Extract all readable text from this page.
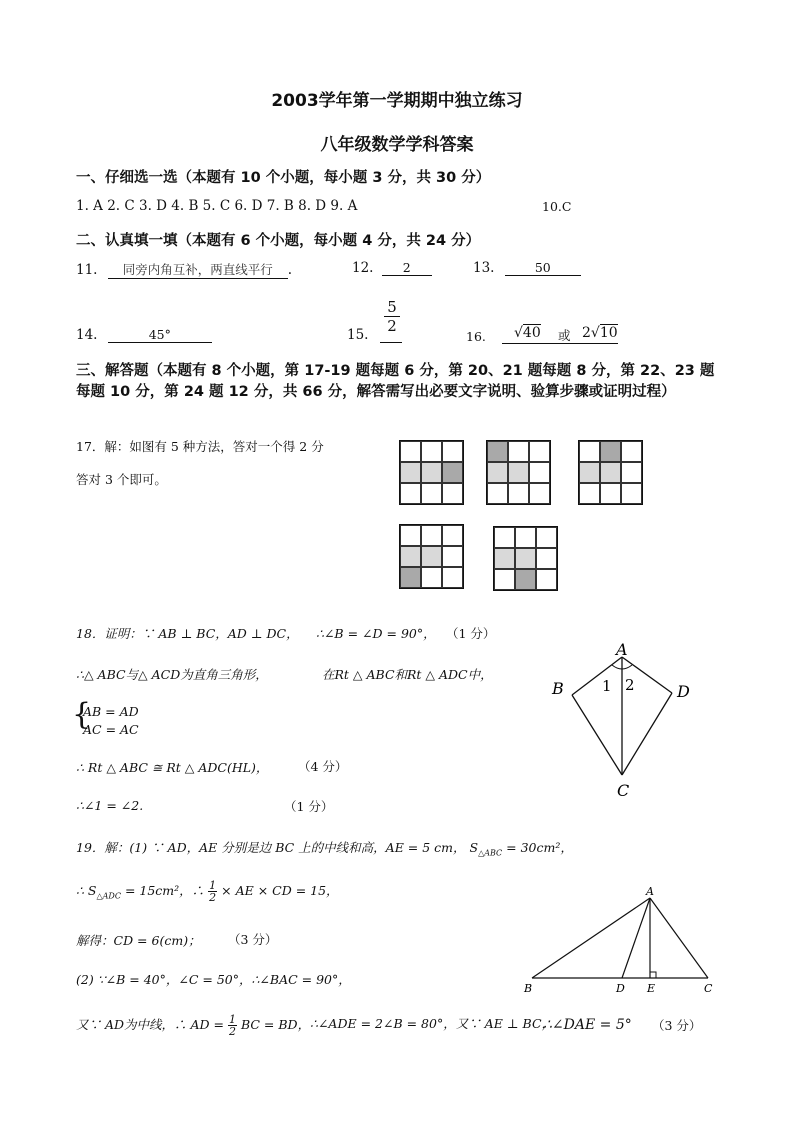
2003学年第一学期期中独立练习
八年级数学学科答案
一、仔细选一选（本题有 10 个小题，每小题 3 分，共 30 分）
1. A 2. C 3. D 4. B 5. C 6. D 7. B 8. D 9. A	10.C
二、认真填一填（本题有 6 个小题，每小题 4 分，共 24 分）
11. 同旁内角互补，两直线平行 .	12. 2	13.	50
14.	45°	15. $\frac{5}{2}$
16. √40 或 2√10
三、解答题（本题有 8 个小题，第 17-19 题每题 6 分，第 20、21 题每题 8 分，第 22、23 题
每题 10 分，第 24 题 12 分，共 66 分，解答需写出必要文字说明、验算步骤或证明过程）
17．解：如图有 5 种方法，答对一个得 2 分
答对 3 个即可。
18．证明：∵ AB ⊥ BC，AD ⊥ DC， ∴∠B = ∠D = 90°， （1 分）
∴△ ABC与△ ACD为直角三角形，	在Rt △ ABC和Rt △ ADC中，
{
AB = AD
AC = AC
∴ Rt △ ABC ≅ Rt △ ADC(HL)， （4 分）
∴∠1 = ∠2.	（1 分）
A
B	D
C
1 2
19．解：(1) ∵ AD，AE 分别是边 BC 上的中线和高，AE = 5 cm， $S_{\triangle ABC} = 30cm^2$，
∴ $S_{\triangle ADC} = 15cm^2$，∴ $\frac{1}{2}$ × AE × CD = 15，
解得：CD = 6(cm)； （3 分）
(2) ∵∠B = 40°，∠C = 50°，∴∠BAC = 90°，
又∵ AD为中线，∴ AD = $\frac{1}{2}$ BC = BD， ∴∠ADE = 2∠B = 80°，又∵ AE ⊥ BC，
∴∠DAE = 5° （3 分）
A
B	D E	C
